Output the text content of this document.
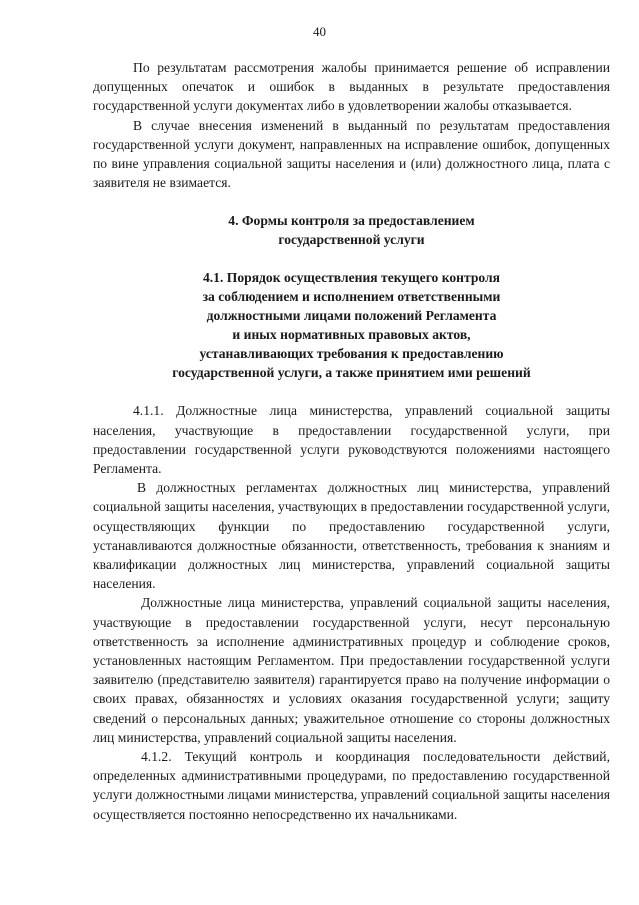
40

По результатам рассмотрения жалобы принимается решение об исправлении допущенных опечаток и ошибок в выданных в результате предоставления государственной услуги документах либо в удовлетворении жалобы отказывается.

В случае внесения изменений в выданный по результатам предоставления государственной услуги документ, направленных на исправление ошибок, допущенных по вине управления социальной защиты населения и (или) должностного лица, плата с заявителя не взимается.

4. Формы контроля за предоставлением
государственной услуги
4.1. Порядок осуществления текущего контроля
за соблюдением и исполнением ответственными
должностными лицами положений Регламента
и иных нормативных правовых актов,
устанавливающих требования к предоставлению
государственной услуги, а также принятием ими решений

4.1.1. Должностные лица министерства, управлений социальной защиты населения, участвующие в предоставлении государственной услуги, при предоставлении государственной услуги руководствуются положениями настоящего Регламента.

В должностных регламентах должностных лиц министерства, управлений социальной защиты населения, участвующих в предоставлении государственной услуги, осуществляющих функции по предоставлению государственной услуги, устанавливаются должностные обязанности, ответственность, требования к знаниям и квалификации должностных лиц министерства, управлений социальной защиты населения.

Должностные лица министерства, управлений социальной защиты населения, участвующие в предоставлении государственной услуги, несут персональную ответственность за исполнение административных процедур и соблюдение сроков, установленных настоящим Регламентом. При предоставлении государственной услуги заявителю (представителю заявителя) гарантируется право на получение информации о своих правах, обязанностях и условиях оказания государственной услуги; защиту сведений о персональных данных; уважительное отношение со стороны должностных лиц министерства, управлений социальной защиты населения.

4.1.2. Текущий контроль и координация последовательности действий, определенных административными процедурами, по предоставлению государственной услуги должностными лицами министерства, управлений социальной защиты населения осуществляется постоянно непосредственно их начальниками.
